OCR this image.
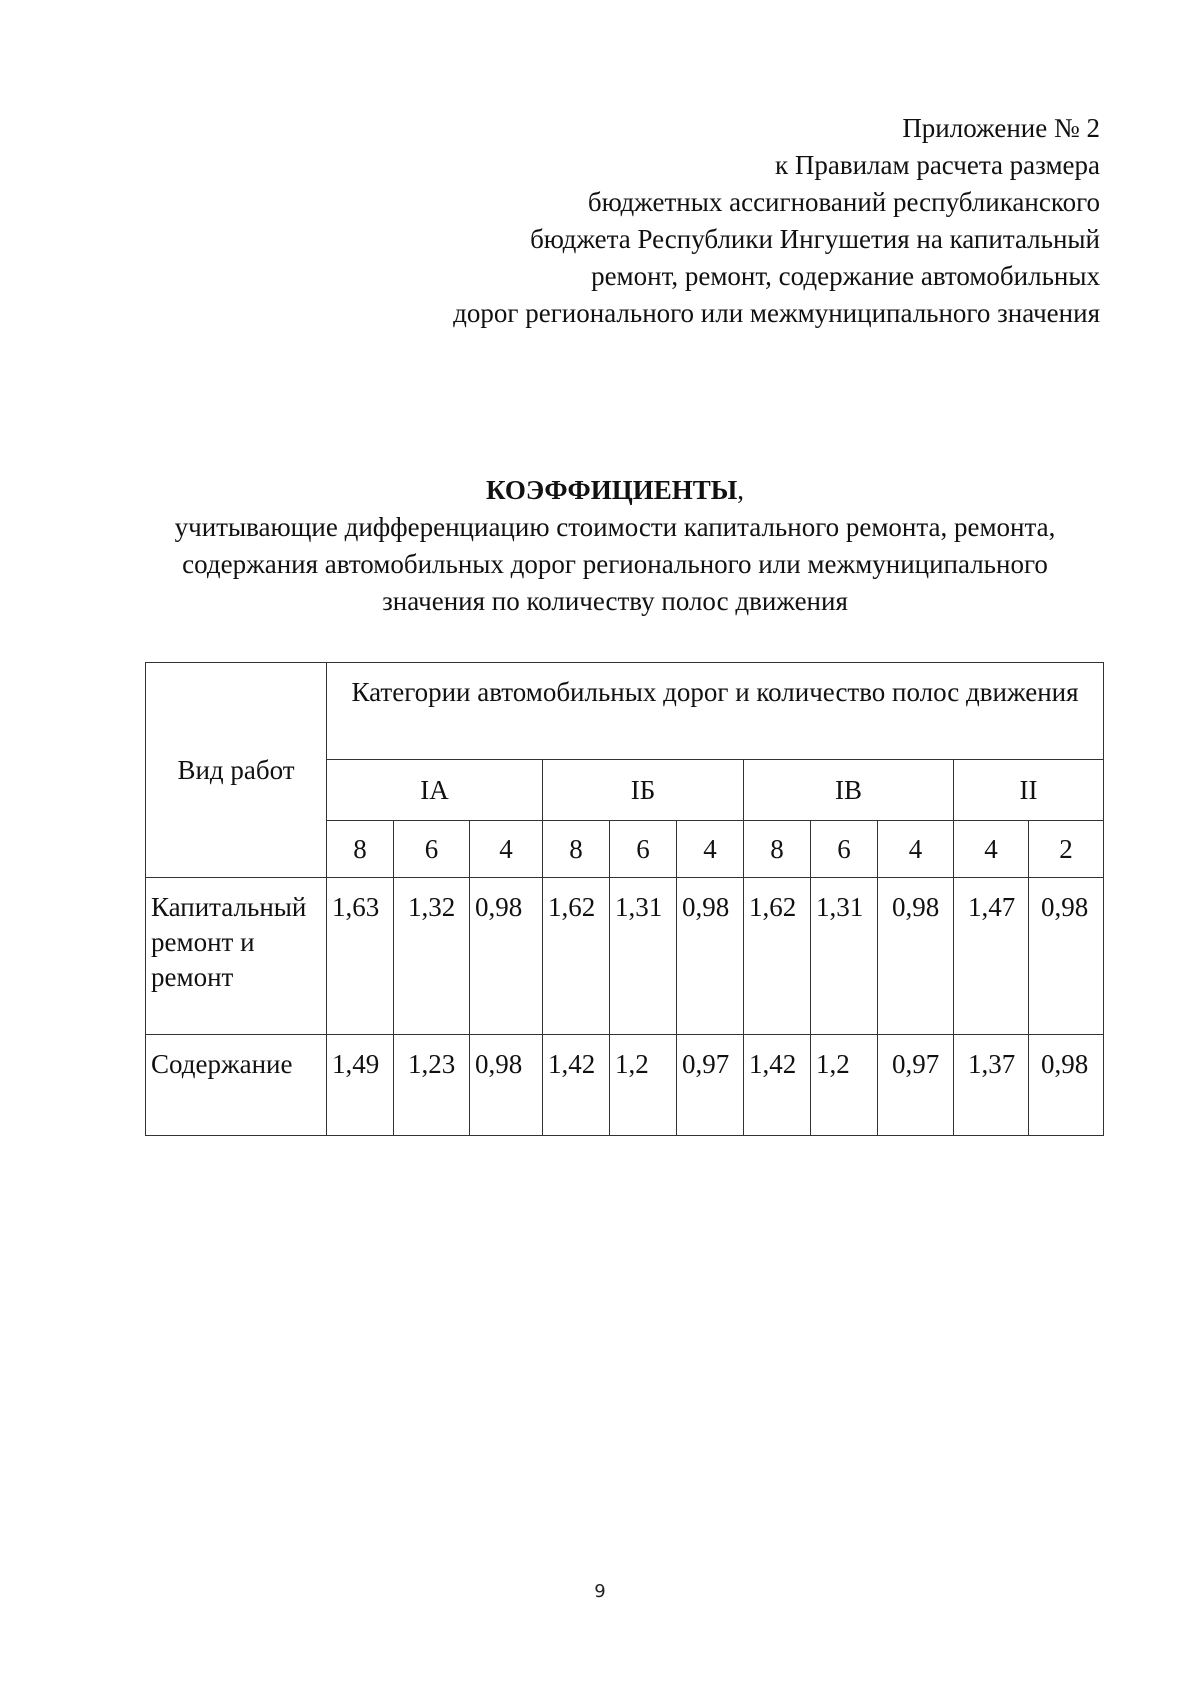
Приложение № 2
к Правилам расчета размера
бюджетных ассигнований республиканского
бюджета Республики Ингушетия на капитальный
ремонт, ремонт, содержание автомобильных
дорог регионального или межмуниципального значения
КОЭФФИЦИЕНТЫ,
учитывающие дифференциацию стоимости капитального ремонта, ремонта,
содержания автомобильных дорог регионального или межмуниципального
значения по количеству полос движения
Вид работ	Категории автомобильных дорог и количество полос движения										
	IA			IБ			IВ			II	
	8	6	4	8	6	4	8	6	4	4	2
Капитальный ремонт и ремонт	1,63	1,32	0,98	1,62	1,31	0,98	1,62	1,31	0,98	1,47	0,98
Содержание	1,49	1,23	0,98	1,42	1,2	0,97	1,42	1,2	0,97	1,37	0,98
9
